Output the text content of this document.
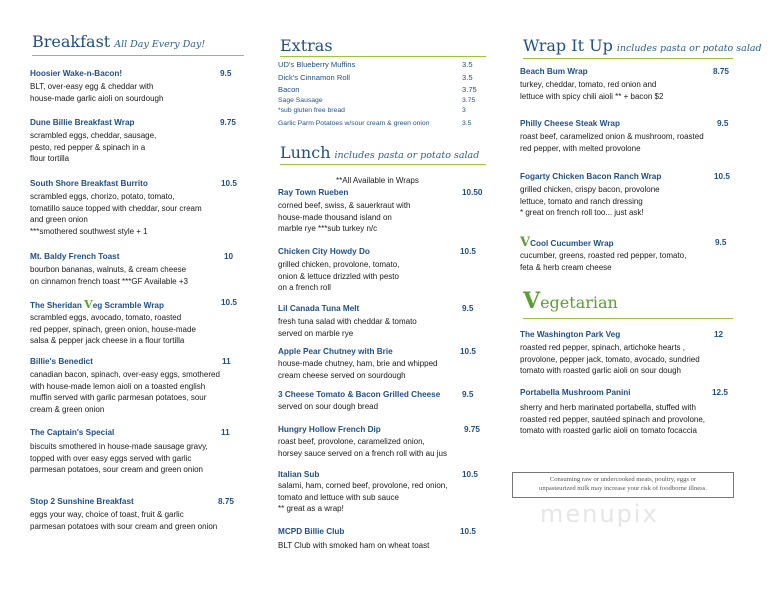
Breakfast All Day Every Day!
Hoosier Wake-n-Bacon!	9.5
BLT, over-easy egg & cheddar with
house-made garlic aioli on sourdough
Dune Billie Breakfast Wrap	9.75
scrambled eggs, cheddar, sausage,
pesto, red pepper & spinach in a
flour tortilla
South Shore Breakfast Burrito	10.5
scrambled eggs, chorizo, potato, tomato,
tomatillo sauce topped with cheddar, sour cream
and green onion
***smothered southwest style + 1
Mt. Baldy French Toast	10
bourbon bananas, walnuts, & cream cheese
on cinnamon french toast ***GF Available +3
The Sheridan Veg Scramble Wrap	10.5
scrambled eggs, avocado, tomato, roasted
red pepper, spinach, green onion, house-made
salsa & pepper jack cheese in a flour tortilla
Billie's Benedict	11
canadian bacon, spinach, over-easy eggs, smothered
with house-made lemon aioli on a toasted english
muffin served with garlic parmesan potatoes, sour
cream & green onion
The Captain's Special	11
biscuits smothered in house-made sausage gravy,
topped with over easy eggs served with garlic
parmesan potatoes, sour cream and green onion
Stop 2 Sunshine Breakfast	8.75
eggs your way, choice of toast, fruit & garlic
parmesan potatoes with sour cream and green onion
Extras
UD's Blueberry Muffins	3.5
Dick's Cinnamon Roll	3.5
Bacon	3.75
Sage Sausage	3.75
*sub gluten free bread	3
Garlic Parm Potatoes w/sour cream & green onion	3.5
Lunch includes pasta or potato salad
**All Available in Wraps
Ray Town Rueben	10.50
corned beef, swiss, & sauerkraut with
house-made thousand island on
marble rye ***sub turkey n/c
Chicken City Howdy Do	10.5
grilled chicken, provolone, tomato,
onion & lettuce drizzled with pesto
on a french roll
Lil Canada Tuna Melt	9.5
fresh tuna salad with cheddar & tomato
served on marble rye
Apple Pear Chutney with Brie	10.5
house-made chutney, ham, brie and whipped
cream cheese served on sourdough
3 Cheese Tomato & Bacon Grilled Cheese	9.5
served on sour dough bread
Hungry Hollow French Dip	9.75
roast beef, provolone, caramelized onion,
horsey sauce served on a french roll with au jus
Italian Sub	10.5
salami, ham, corned beef, provolone, red onion,
tomato and lettuce with sub sauce
** great as a wrap!
MCPD Billie Club	10.5
BLT Club with smoked ham on wheat toast
Wrap It Up includes pasta or potato salad
Beach Bum Wrap	8.75
turkey, cheddar, tomato, red onion and
lettuce with spicy chili aioli ** + bacon $2
Philly Cheese Steak Wrap	9.5
roast beef, caramelized onion & mushroom, roasted
red pepper, with melted provolone
Fogarty Chicken Bacon Ranch Wrap	10.5
grilled chicken, crispy bacon, provolone
lettuce, tomato and ranch dressing
* great on french roll too... just ask!
VCool Cucumber Wrap	9.5
cucumber, greens, roasted red pepper, tomato,
feta & herb cream cheese
Vegetarian
The Washington Park Veg	12
roasted red pepper, spinach, artichoke hearts ,
provolone, pepper jack, tomato, avocado, sundried
tomato with roasted garlic aioli on sour dough
Portabella Mushroom Panini	12.5
sherry and herb marinated portabella, stuffed with
roasted red pepper, sautéed spinach and provolone,
tomato with roasted garlic aioli on tomato focaccia
Consuming raw or undercooked meats, poultry, eggs or
unpasteurized milk may increase your risk of foodborne illness.
menupix
